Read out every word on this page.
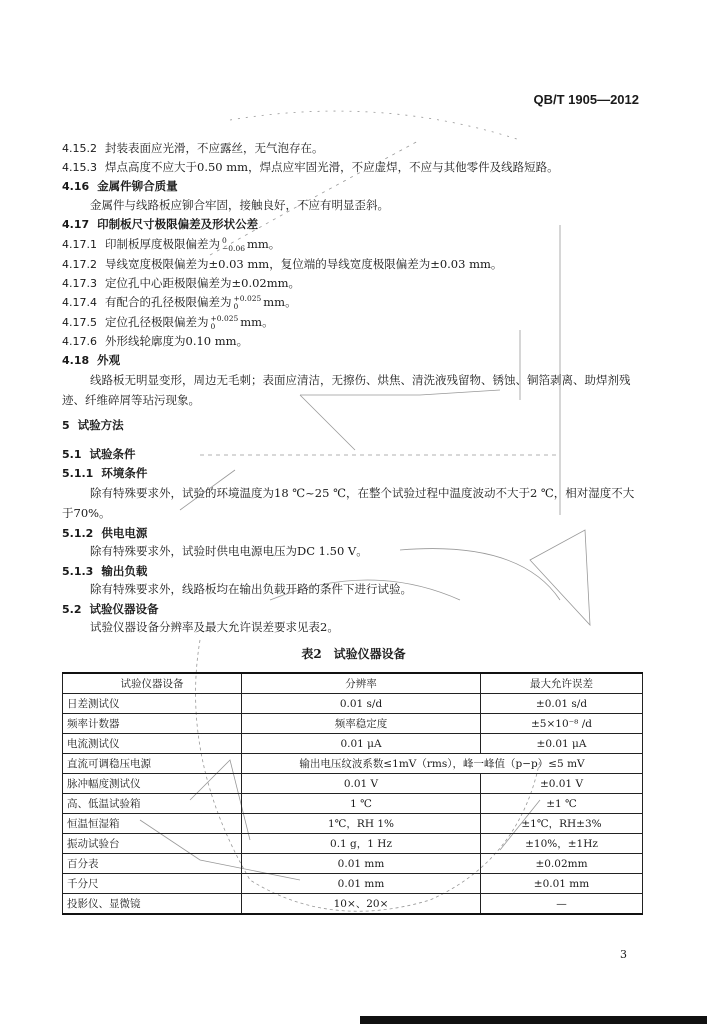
QB/T 1905—2012
4.15.2 封装表面应光滑，不应露丝，无气泡存在。
4.15.3 焊点高度不应大于0.50 mm，焊点应牢固光滑，不应虚焊，不应与其他零件及线路短路。
4.16 金属件铆合质量
金属件与线路板应铆合牢固，接触良好，不应有明显歪斜。
4.17 印制板尺寸极限偏差及形状公差
4.17.1 印制板厚度极限偏差为 0
−0.06 mm。
4.17.2 导线宽度极限偏差为±0.03 mm，复位端的导线宽度极限偏差为±0.03 mm。
4.17.3 定位孔中心距极限偏差为±0.02mm。
4.17.4 有配合的孔径极限偏差为 +0.025
0	mm。
4.17.5 定位孔径极限偏差为 +0.025
0	mm。
4.17.6 外形线轮廓度为0.10 mm。
4.18 外观
线路板无明显变形，周边无毛刺；表面应清洁，无擦伤、烘焦、清洗液残留物、锈蚀、铜箔剥离、助焊剂残迹、纤维碎屑等玷污现象。
5 试验方法
5.1 试验条件
5.1.1 环境条件
除有特殊要求外，试验的环境温度为18 ℃~25 ℃，在整个试验过程中温度波动不大于2 ℃，相对湿度不大于70%。
5.1.2 供电电源
除有特殊要求外，试验时供电电源电压为DC 1.50 V。
5.1.3 输出负载
除有特殊要求外，线路板均在输出负载开路的条件下进行试验。
5.2 试验仪器设备
试验仪器设备分辨率及最大允许误差要求见表2。
表2　试验仪器设备
试验仪器设备	分辨率	最大允许误差
日差测试仪	0.01 s/d	±0.01 s/d
频率计数器	频率稳定度	±5×10⁻⁸ /d
电流测试仪	0.01 μA	±0.01 μA
直流可调稳压电源	输出电压纹波系数≤1mV（rms），峰一峰值（p−p）≤5 mV	
脉冲幅度测试仪	0.01 V	±0.01 V
高、低温试验箱	1 ℃	±1 ℃
恒温恒湿箱	1℃，RH 1%	±1℃，RH±3%
振动试验台	0.1 g，1 Hz	±10%，±1Hz
百分表	0.01 mm	±0.02mm
千分尺	0.01 mm	±0.01 mm
投影仪、显微镜	10×、20×	—
3
